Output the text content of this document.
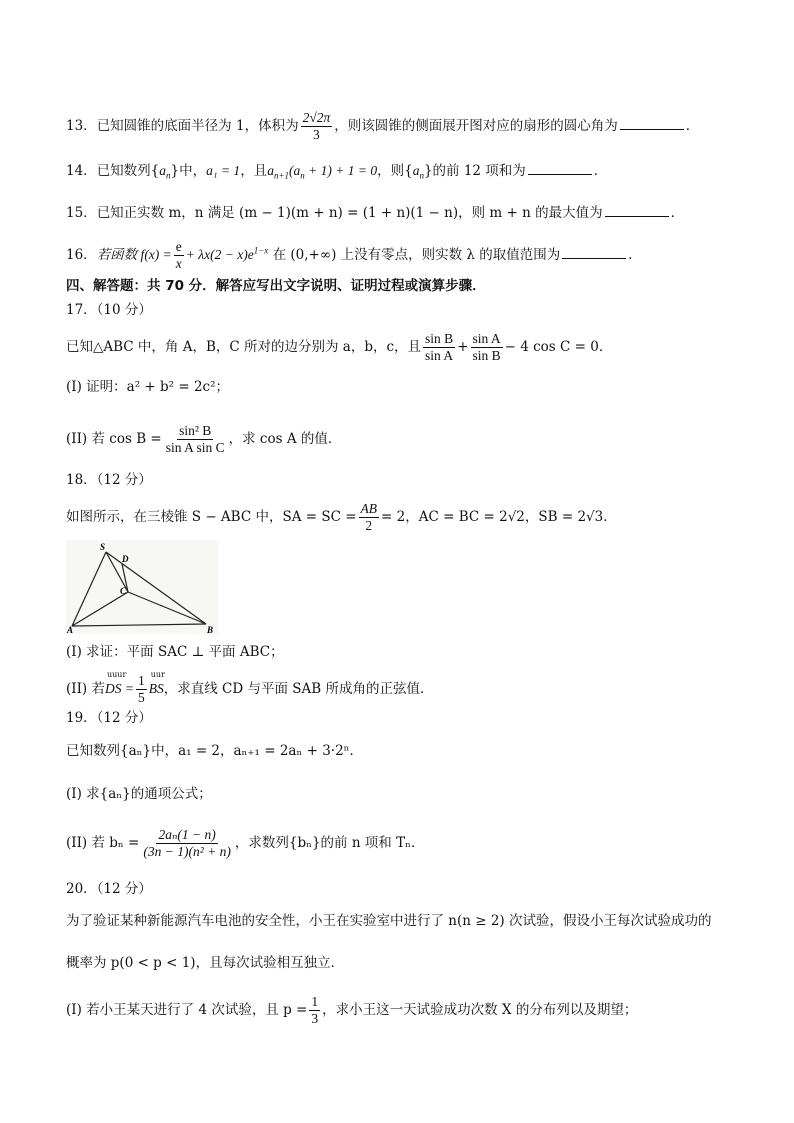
13．已知圆锥的底面半径为 1，体积为 $\frac{2√2\pi}{3}$ ，则该圆锥的侧面展开图对应的扇形的圆心角为	．
14．已知数列$\{a_n\}$中，a₁ = 1，且$a_{n+1}(a_n + 1) + 1 = 0$，则$\{a_n\}$的前 12 项和为	．
15．已知正实数 m，n 满足 (m − 1)(m + n) = (1 + n)(1 − n)，则 m + n 的最大值为	．
16．若函数 $f(x) = \frac{e}{x} + \lambda x(2 - x)e^{1-x}$ 在 (0,+∞) 上没有零点，则实数 λ 的取值范围为	．
四、解答题：共 70 分．解答应写出文字说明、证明过程或演算步骤．
17．（10 分）
已知△ABC 中，角 A，B，C 所对的边分别为 a，b，c，且 $\frac{\text{sin B}}{\text{sin A}} + \frac{\text{sin A}}{\text{sin B}} - 4$ cos C = 0．
(I) 证明：a² + b² = 2c²；
(II) 若 $\cos B = \frac{\text{sin² B}}{\text{sin A sin C}}$ ，求 cos A 的值．
18．（12 分）
如图所示，在三棱锥 S − ABC 中，SA = SC = $\frac{AB}{2} = 2$，AC = BC = 2√2，SB = 2√3．
S
D
C
A	B
(I) 求证：平面 SAC ⊥ 平面 ABC；
(II) 若
uuur
DS = $\frac{1}{5}$ uur
BS，求直线 CD 与平面 SAB 所成角的正弦值．
19．（12 分）
已知数列{aₙ}中，a₁ = 2，aₙ₊₁ = 2aₙ + 3·2ⁿ．
(I) 求{aₙ}的通项公式；
(II) 若 $b_n = \frac{\text{2aₙ(1 − n)}}{\text{(3n − 1)(n² + n)}}$ ，求数列{bₙ}的前 n 项和 Tₙ．
20．（12 分）
为了验证某种新能源汽车电池的安全性，小王在实验室中进行了 n(n ≥ 2) 次试验，假设小王每次试验成功的
概率为 p(0 < p < 1)，且每次试验相互独立．
(I) 若小王某天进行了 4 次试验，且 $p = \frac{1}{3}$ ，求小王这一天试验成功次数 X 的分布列以及期望；
